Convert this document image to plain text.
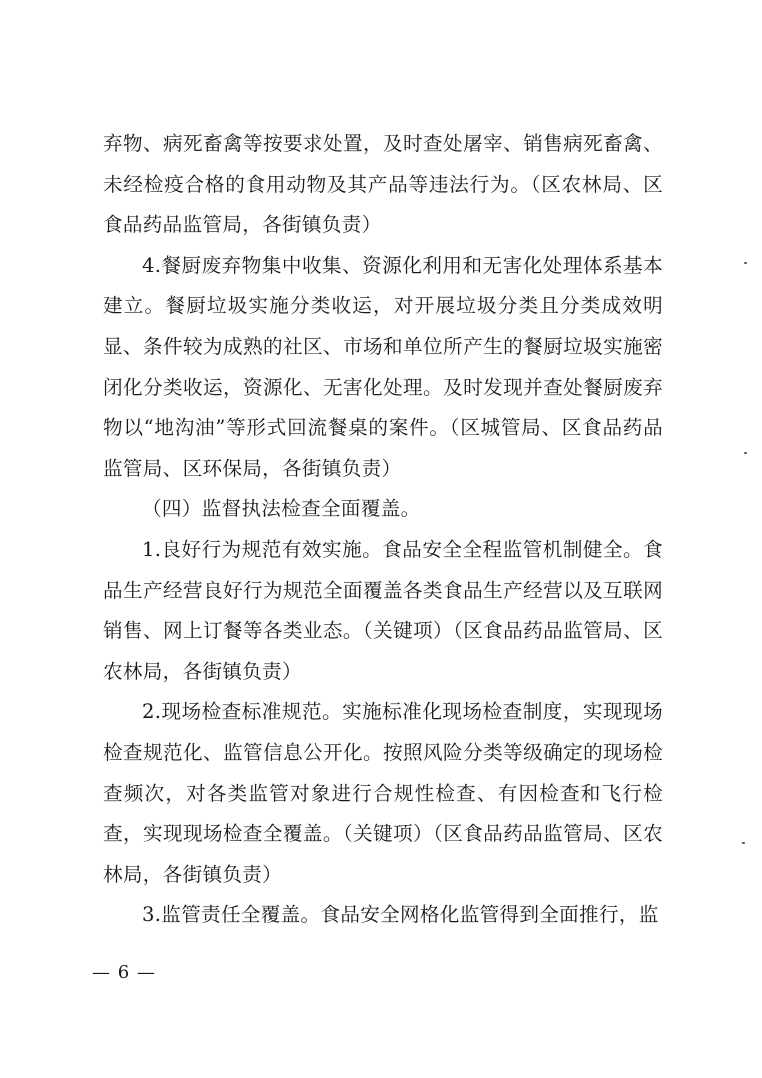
弃物、病死畜禽等按要求处置，及时查处屠宰、销售病死畜禽、未经检疫合格的食用动物及其产品等违法行为。（区农林局、区食品药品监管局，各街镇负责）

4.餐厨废弃物集中收集、资源化利用和无害化处理体系基本建立。餐厨垃圾实施分类收运，对开展垃圾分类且分类成效明显、条件较为成熟的社区、市场和单位所产生的餐厨垃圾实施密闭化分类收运，资源化、无害化处理。及时发现并查处餐厨废弃物以“地沟油”等形式回流餐桌的案件。（区城管局、区食品药品监管局、区环保局，各街镇负责）

（四）监督执法检查全面覆盖。

1.良好行为规范有效实施。食品安全全程监管机制健全。食品生产经营良好行为规范全面覆盖各类食品生产经营以及互联网销售、网上订餐等各类业态。（关键项）（区食品药品监管局、区农林局，各街镇负责）

2.现场检查标准规范。实施标准化现场检查制度，实现现场检查规范化、监管信息公开化。按照风险分类等级确定的现场检查频次，对各类监管对象进行合规性检查、有因检查和飞行检查，实现现场检查全覆盖。（关键项）（区食品药品监管局、区农林局，各街镇负责）

3.监管责任全覆盖。食品安全网格化监管得到全面推行，监

— 6 —
